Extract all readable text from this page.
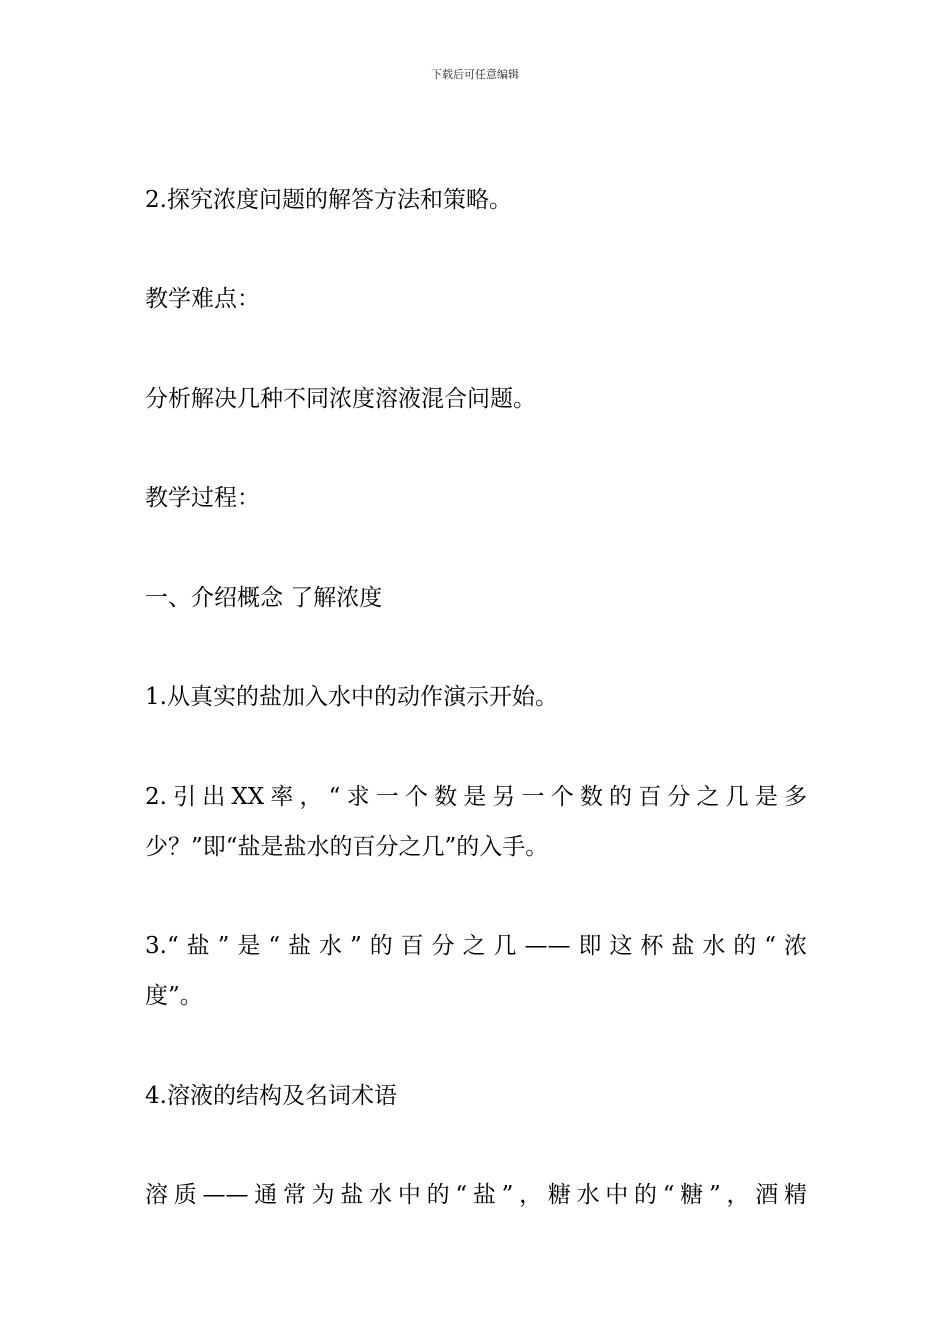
下载后可任意编辑

2.探究浓度问题的解答方法和策略。

教学难点：

分析解决几种不同浓度溶液混合问题。

教学过程：

一、介绍概念 了解浓度

1.从真实的盐加入水中的动作演示开始。

2.引出XX率，“求一个数是另一个数的百分之几是多
少？”即“盐是盐水的百分之几”的入手。
3.“盐”是“盐水”的百分之几——即这杯盐水的“浓
度”。

4.溶液的结构及名词术语

溶质——通常为盐水中的“盐”，糖水中的“糖”，酒精
